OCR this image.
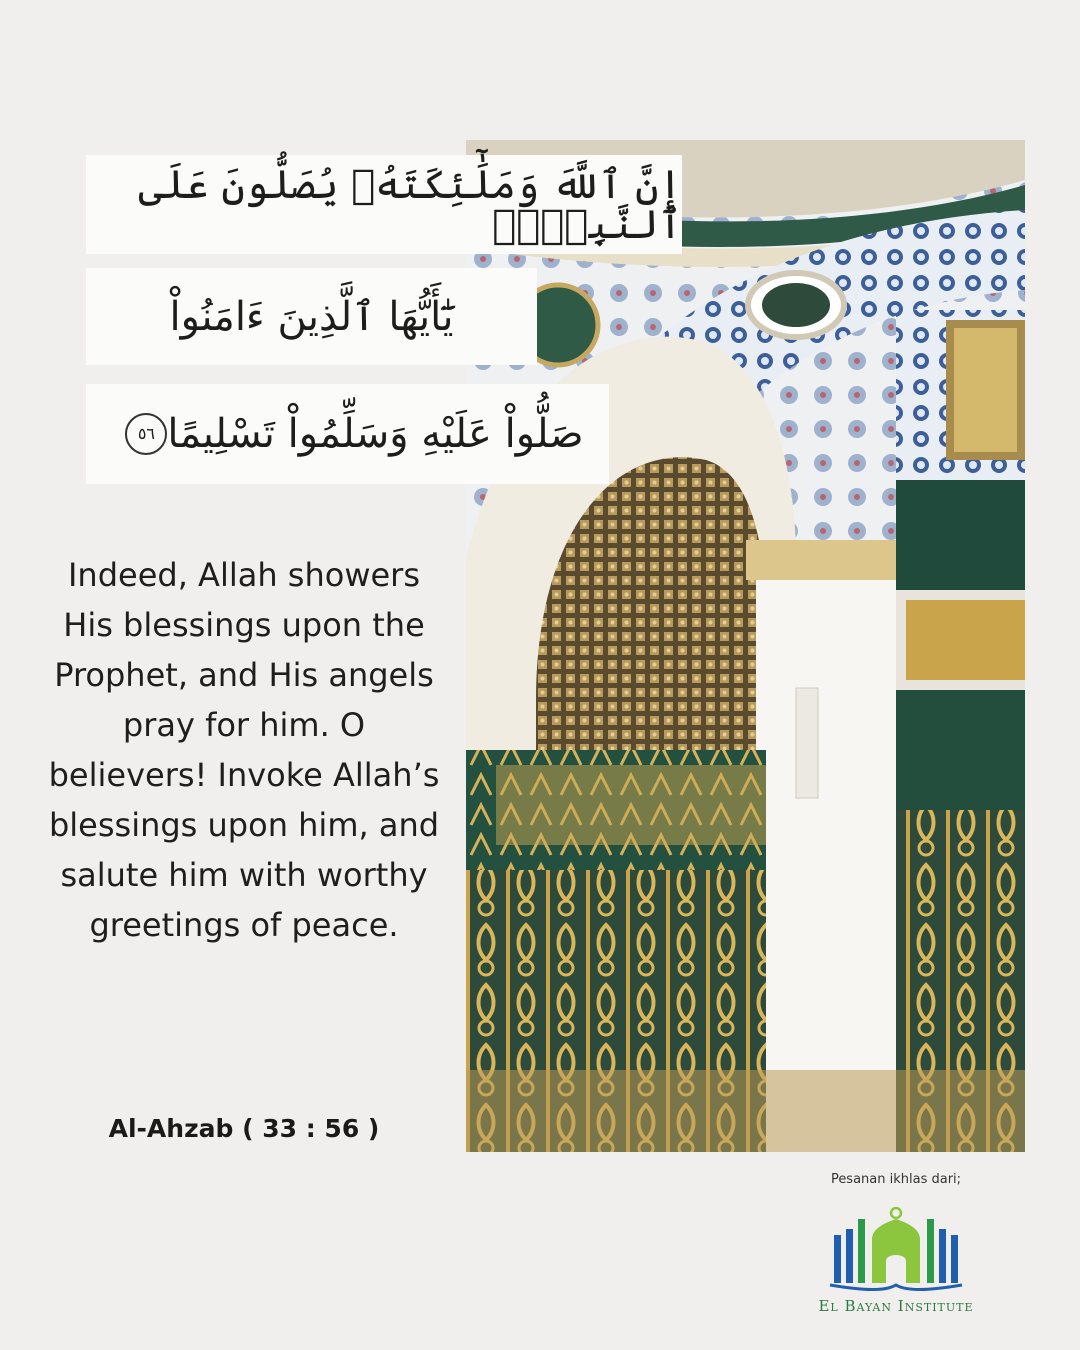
إِنَّ ٱللَّهَ وَمَلَٰٓئِكَتَهُۥ يُصَلُّونَ عَلَى ٱلنَّبِيِّۚ
يَٰٓأَيُّهَا ٱلَّذِينَ ءَامَنُواْ
صَلُّواْ عَلَيْهِ وَسَلِّمُواْ تَسْلِيمًا
٥٦
Indeed, Allah showers His blessings upon the Prophet, and His angels pray for him. O believers! Invoke Allah’s blessings upon him, and salute him with worthy greetings of peace.
Al-Ahzab ( 33 : 56 )
Pesanan ikhlas dari;
El Bayan Institute
